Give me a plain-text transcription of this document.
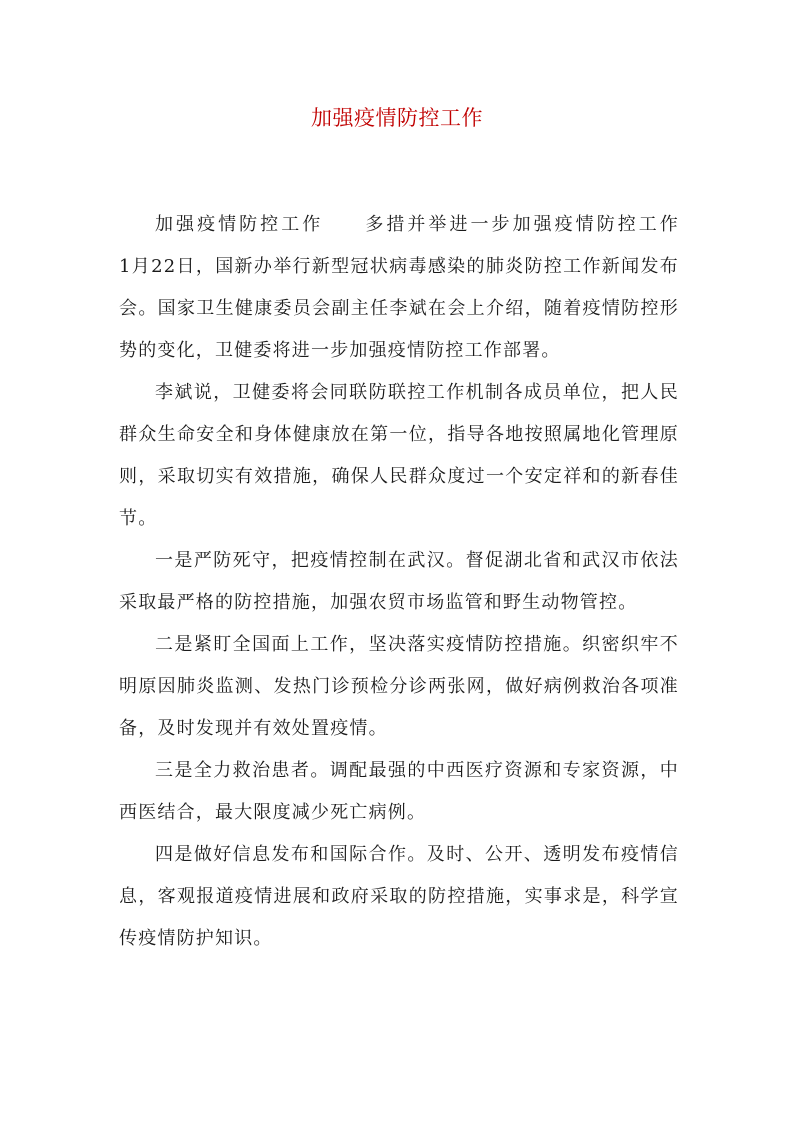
加强疫情防控工作

加强疫情防控工作　　多措并举进一步加强疫情防控工作　　1月22日，国新办举行新型冠状病毒感染的肺炎防控工作新闻发布会。国家卫生健康委员会副主任李斌在会上介绍，随着疫情防控形势的变化，卫健委将进一步加强疫情防控工作部署。

李斌说，卫健委将会同联防联控工作机制各成员单位，把人民群众生命安全和身体健康放在第一位，指导各地按照属地化管理原则，采取切实有效措施，确保人民群众度过一个安定祥和的新春佳节。

一是严防死守，把疫情控制在武汉。督促湖北省和武汉市依法采取最严格的防控措施，加强农贸市场监管和野生动物管控。

二是紧盯全国面上工作，坚决落实疫情防控措施。织密织牢不明原因肺炎监测、发热门诊预检分诊两张网，做好病例救治各项准备，及时发现并有效处置疫情。

三是全力救治患者。调配最强的中西医疗资源和专家资源，中西医结合，最大限度减少死亡病例。

四是做好信息发布和国际合作。及时、公开、透明发布疫情信息，客观报道疫情进展和政府采取的防控措施，实事求是，科学宣传疫情防护知识。
